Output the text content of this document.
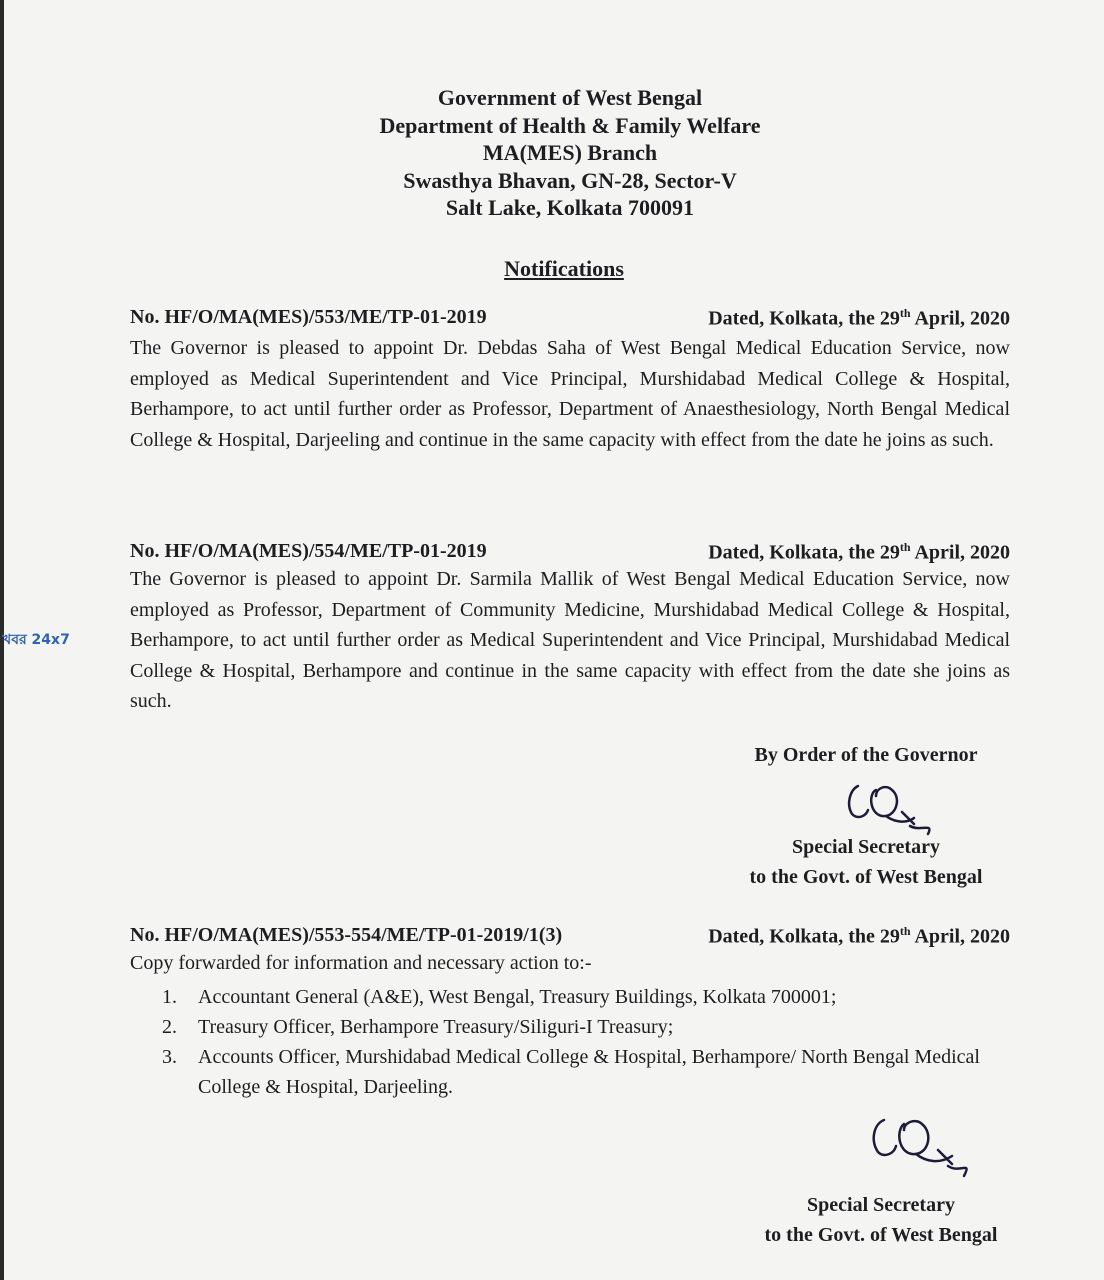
Government of West Bengal
Department of Health & Family Welfare
MA(MES) Branch
Swasthya Bhavan, GN-28, Sector-V
Salt Lake, Kolkata 700091
Notifications
No. HF/O/MA(MES)/553/ME/TP-01-2019	Dated, Kolkata, the 29th April, 2020
The Governor is pleased to appoint Dr. Debdas Saha of West Bengal Medical Education Service, now employed as Medical Superintendent and Vice Principal, Murshidabad Medical College & Hospital, Berhampore, to act until further order as Professor, Department of Anaesthesiology, North Bengal Medical College & Hospital, Darjeeling and continue in the same capacity with effect from the date he joins as such.
No. HF/O/MA(MES)/554/ME/TP-01-2019	Dated, Kolkata, the 29th April, 2020
The Governor is pleased to appoint Dr. Sarmila Mallik of West Bengal Medical Education Service, now employed as Professor, Department of Community Medicine, Murshidabad Medical College & Hospital, Berhampore, to act until further order as Medical Superintendent and Vice Principal, Murshidabad Medical College & Hospital, Berhampore and continue in the same capacity with effect from the date she joins as such.
খবর 24x7
By Order of the Governor
Special Secretary
to the Govt. of West Bengal
No. HF/O/MA(MES)/553-554/ME/TP-01-2019/1(3)	Dated, Kolkata, the 29th April, 2020
Copy forwarded for information and necessary action to:-
1.	Accountant General (A&E), West Bengal, Treasury Buildings, Kolkata 700001;
2.	Treasury Officer, Berhampore Treasury/Siliguri-I Treasury;
3.	Accounts Officer, Murshidabad Medical College & Hospital, Berhampore/ North Bengal Medical College & Hospital, Darjeeling.
Special Secretary
to the Govt. of West Bengal
